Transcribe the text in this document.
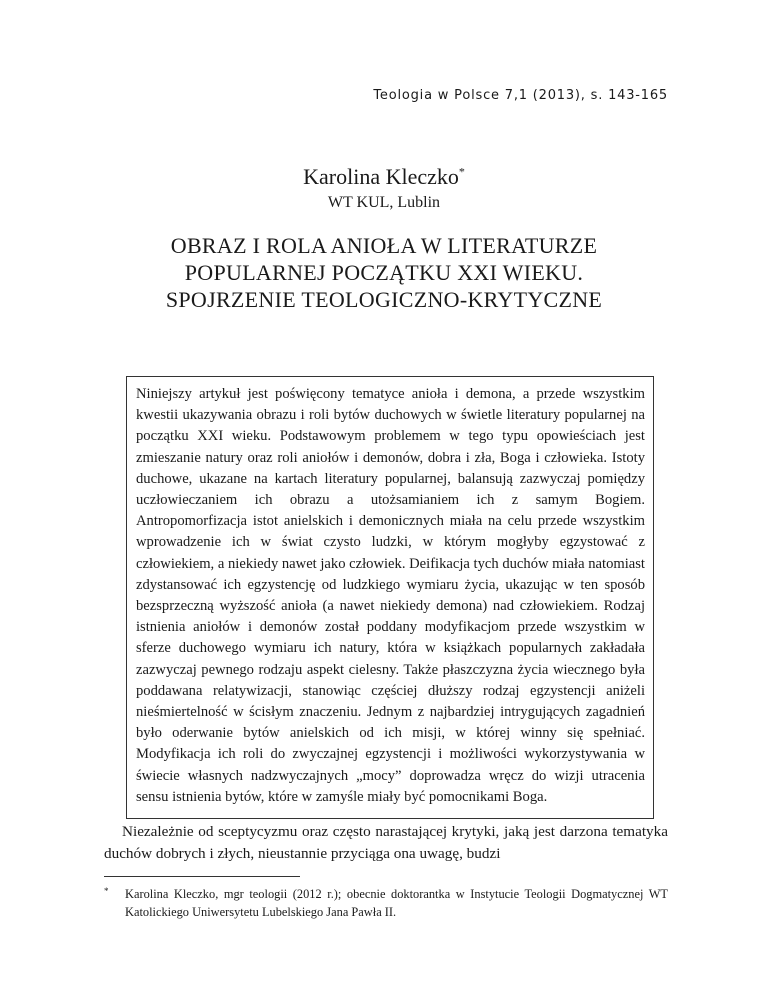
Teologia w Polsce 7,1 (2013), s. 143-165
Karolina Kleczko*
WT KUL, Lublin
OBRAZ I ROLA ANIOŁA W LITERATURZE
POPULARNEJ POCZĄTKU XXI WIEKU.
SPOJRZENIE TEOLOGICZNO-KRYTYCZNE
Niniejszy artykuł jest poświęcony tematyce anioła i demona, a przede wszystkim kwestii ukazywania obrazu i roli bytów duchowych w świetle literatury popularnej na początku XXI wieku. Podstawowym problemem w tego typu opowieściach jest zmieszanie natury oraz roli aniołów i demonów, dobra i zła, Boga i człowieka. Istoty duchowe, ukazane na kartach literatury popularnej, balansują zazwyczaj pomiędzy uczłowieczaniem ich obrazu a utożsamianiem ich z samym Bogiem. Antropomorfizacja istot anielskich i demonicznych miała na celu przede wszystkim wprowadzenie ich w świat czysto ludzki, w którym mogłyby egzystować z człowiekiem, a niekiedy nawet jako człowiek. Deifikacja tych duchów miała natomiast zdystansować ich egzystencję od ludzkiego wymiaru życia, ukazując w ten sposób bezsprzeczną wyższość anioła (a nawet niekiedy demona) nad człowiekiem. Rodzaj istnienia aniołów i demonów został poddany modyfikacjom przede wszystkim w sferze duchowego wymiaru ich natury, która w książkach popularnych zakładała zazwyczaj pewnego rodzaju aspekt cielesny. Także płaszczyzna życia wiecznego była poddawana relatywizacji, stanowiąc częściej dłuższy rodzaj egzystencji aniżeli nieśmiertelność w ścisłym znaczeniu. Jednym z najbardziej intrygujących zagadnień było oderwanie bytów anielskich od ich misji, w której winny się spełniać. Modyfikacja ich roli do zwyczajnej egzystencji i możliwości wykorzystywania w świecie własnych nadzwyczajnych „mocy” doprowadza wręcz do wizji utracenia sensu istnienia bytów, które w zamyśle miały być pomocnikami Boga.
Niezależnie od sceptycyzmu oraz często narastającej krytyki, jaką jest darzona tematyka duchów dobrych i złych, nieustannie przyciąga ona uwagę, budzi
* Karolina Kleczko, mgr teologii (2012 r.); obecnie doktorantka w Instytucie Teologii Dogmatycznej WT Katolickiego Uniwersytetu Lubelskiego Jana Pawła II.
